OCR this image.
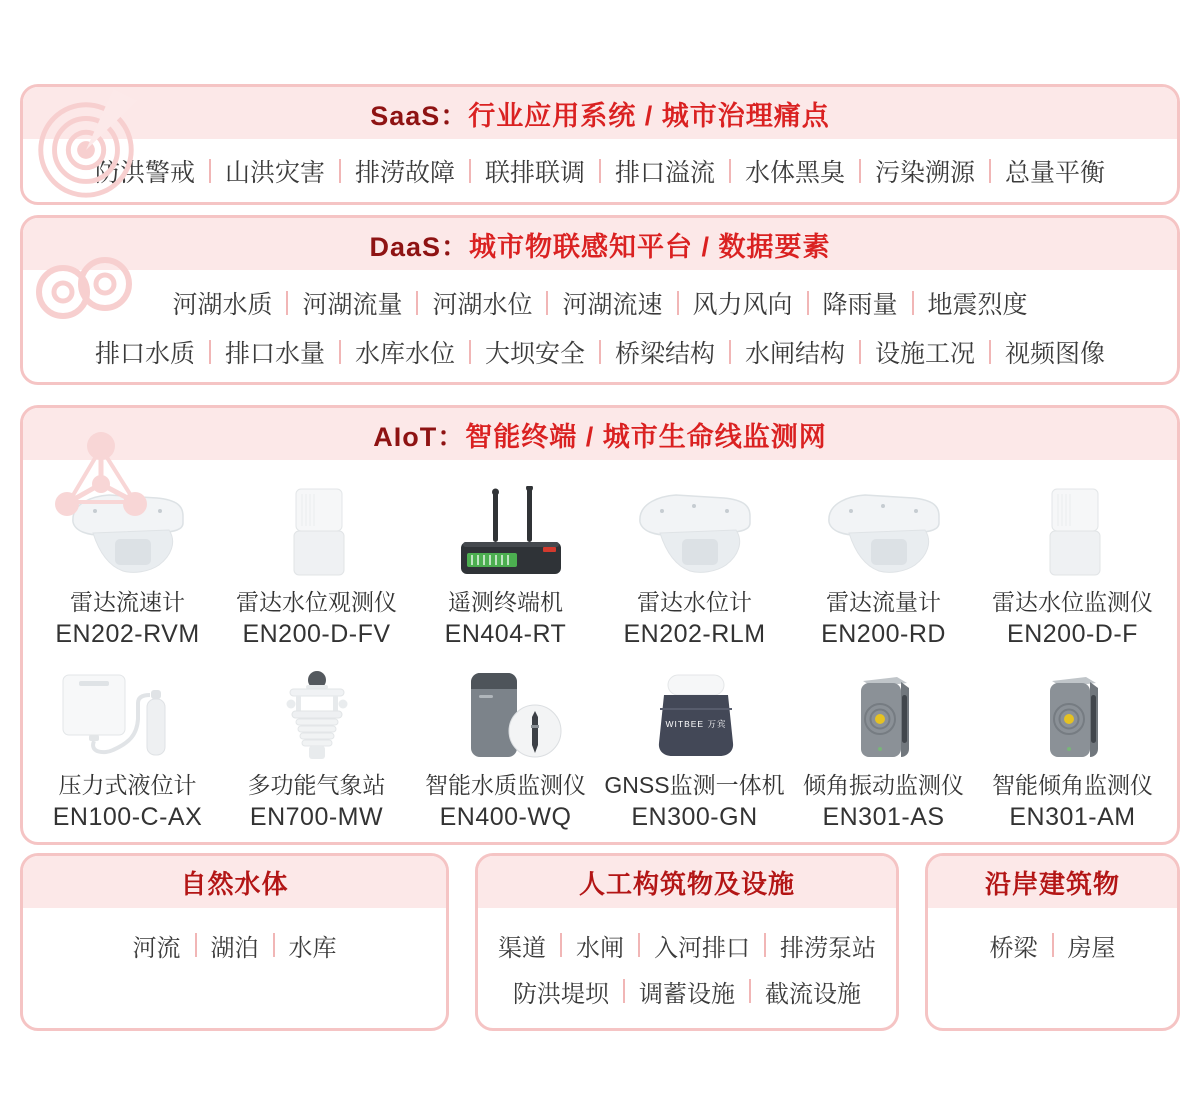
SaaS：行业应用系统 / 城市治理痛点
防洪警戒 山洪灾害 排涝故障 联排联调 排口溢流 水体黑臭 污染溯源 总量平衡
DaaS：城市物联感知平台 / 数据要素
河湖水质 河湖流量 河湖水位 河湖流速 风力风向 降雨量 地震烈度
排口水质 排口水量 水库水位 大坝安全 桥梁结构 水闸结构 设施工况 视频图像
AIoT：智能终端 / 城市生命线监测网
雷达流速计
EN202-RVM
雷达水位观测仪
EN200-D-FV
遥测终端机
EN404-RT
雷达水位计
EN202-RLM
雷达流量计
EN200-RD
雷达水位监测仪
EN200-D-F
压力式液位计
EN100-C-AX
多功能气象站
EN700-MW
智能水质监测仪
EN400-WQ
WITBEE 万宾
GNSS监测一体机
EN300-GN
倾角振动监测仪
EN301-AS
智能倾角监测仪
EN301-AM
自然水体
河流 湖泊 水库
人工构筑物及设施
渠道 水闸 入河排口 排涝泵站
防洪堤坝 调蓄设施 截流设施
沿岸建筑物
桥梁 房屋
